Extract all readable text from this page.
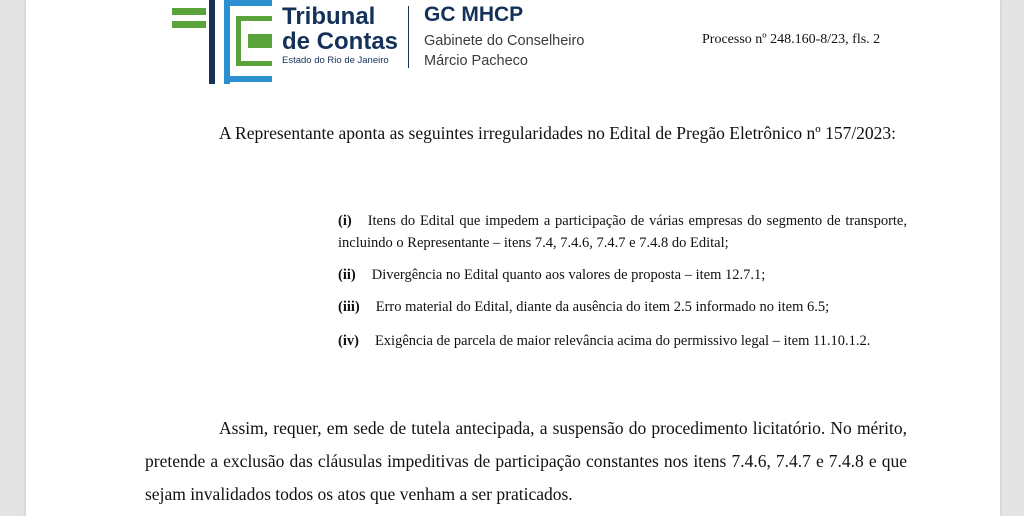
Tribunal
de Contas
Estado do Rio de Janeiro
GC MHCP
Gabinete do Conselheiro
Márcio Pacheco
Processo nº 248.160-8/23, fls. 2

A Representante aponta as seguintes irregularidades no Edital de Pregão Eletrônico nº 157/2023:

(i) Itens do Edital que impedem a participação de várias empresas do segmento de transporte, incluindo o Representante – itens 7.4, 7.4.6, 7.4.7 e 7.4.8 do Edital;
(ii) Divergência no Edital quanto aos valores de proposta – item 12.7.1;
(iii) Erro material do Edital, diante da ausência do item 2.5 informado no item 6.5;
(iv) Exigência de parcela de maior relevância acima do permissivo legal – item 11.10.1.2.

Assim, requer, em sede de tutela antecipada, a suspensão do procedimento licitatório. No mérito, pretende a exclusão das cláusulas impeditivas de participação constantes nos itens 7.4.6, 7.4.7 e 7.4.8 e que sejam invalidados todos os atos que venham a ser praticados.
